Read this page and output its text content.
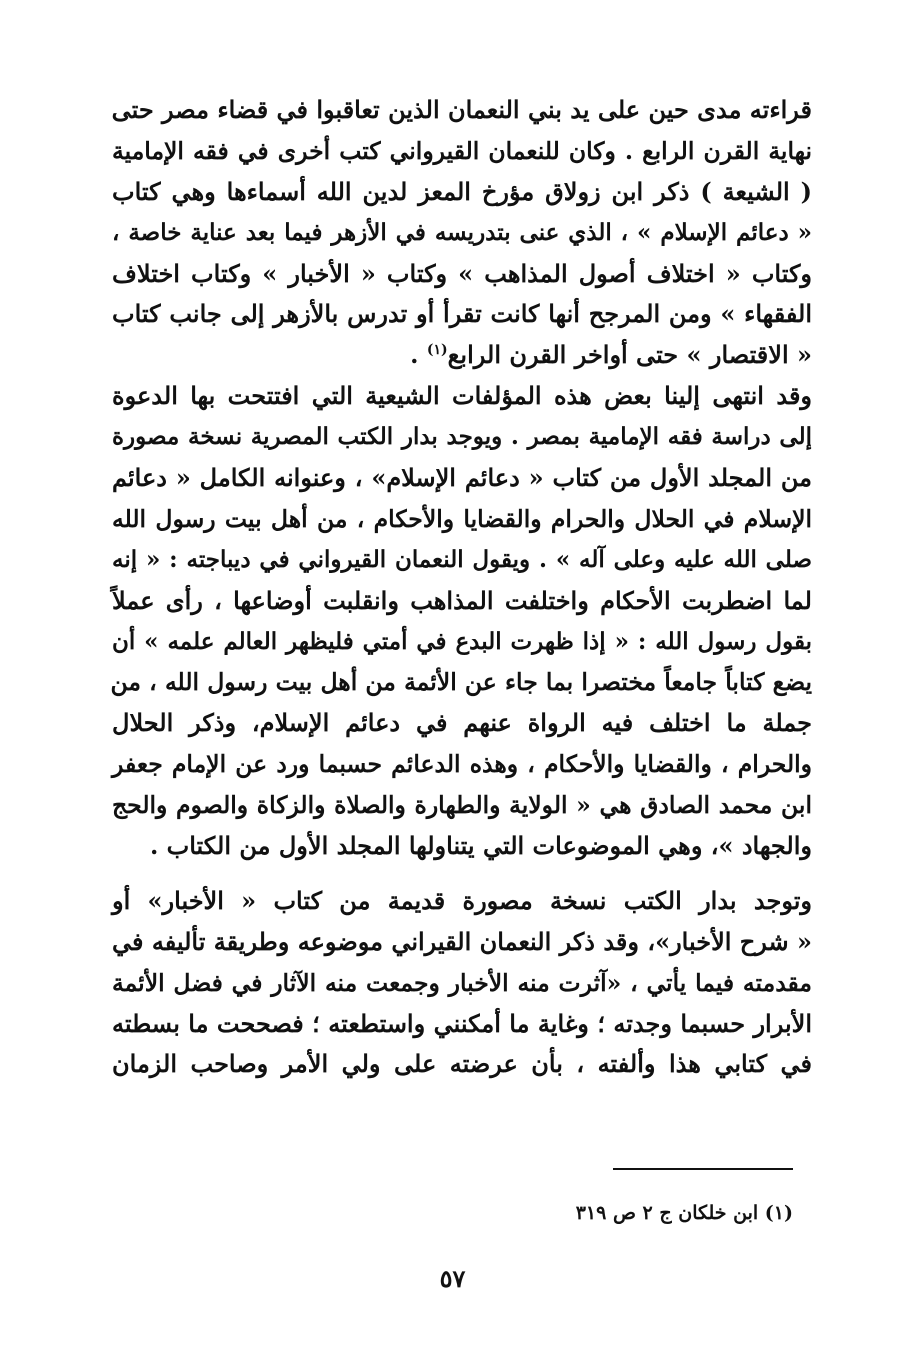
قراءته مدى حين على يد بني النعمان الذين تعاقبوا في قضاء مصر حتى
نهاية القرن الرابع . وكان للنعمان القيرواني كتب أخرى في فقه الإمامية
( الشيعة ) ذكر ابن زولاق مؤرخ المعز لدين الله أسماءها وهي كتاب
« دعائم الإسلام » ، الذي عنى بتدريسه في الأزهر فيما بعد عناية خاصة ،
وكتاب « اختلاف أصول المذاهب » وكتاب « الأخبار » وكتاب اختلاف
الفقهاء » ومن المرجح أنها كانت تقرأ أو تدرس بالأزهر إلى جانب كتاب
« الاقتصار » حتى أواخر القرن الرابع$^{(١)}$ .
وقد انتهى إلينا بعض هذه المؤلفات الشيعية التي افتتحت بها الدعوة
إلى دراسة فقه الإمامية بمصر . ويوجد بدار الكتب المصرية نسخة مصورة
من المجلد الأول من كتاب « دعائم الإسلام» ، وعنوانه الكامل « دعائم
الإسلام في الحلال والحرام والقضايا والأحكام ، من أهل بيت رسول الله
صلى الله عليه وعلى آله » . ويقول النعمان القيرواني في ديباجته : « إنه
لما اضطربت الأحكام واختلفت المذاهب وانقلبت أوضاعها ، رأى عملاً
بقول رسول الله : « إذا ظهرت البدع في أمتي فليظهر العالم علمه » أن
يضع كتاباً جامعاً مختصرا بما جاء عن الأئمة من أهل بيت رسول الله ، من
جملة ما اختلف فيه الرواة عنهم في دعائم الإسلام، وذكر الحلال
والحرام ، والقضايا والأحكام ، وهذه الدعائم حسبما ورد عن الإمام جعفر
ابن محمد الصادق هي « الولاية والطهارة والصلاة والزكاة والصوم والحج
والجهاد »، وهي الموضوعات التي يتناولها المجلد الأول من الكتاب .
وتوجد بدار الكتب نسخة مصورة قديمة من كتاب « الأخبار» أو
« شرح الأخبار»، وقد ذكر النعمان القيراني موضوعه وطريقة تأليفه في
مقدمته فيما يأتي ، «آثرت منه الأخبار وجمعت منه الآثار في فضل الأئمة
الأبرار حسبما وجدته ؛ وغاية ما أمكنني واستطعته ؛ فصححت ما بسطته
في كتابي هذا وألفته ، بأن عرضته على ولي الأمر وصاحب الزمان
(١) ابن خلكان ج ٢ ص ٣١٩
٥٧
